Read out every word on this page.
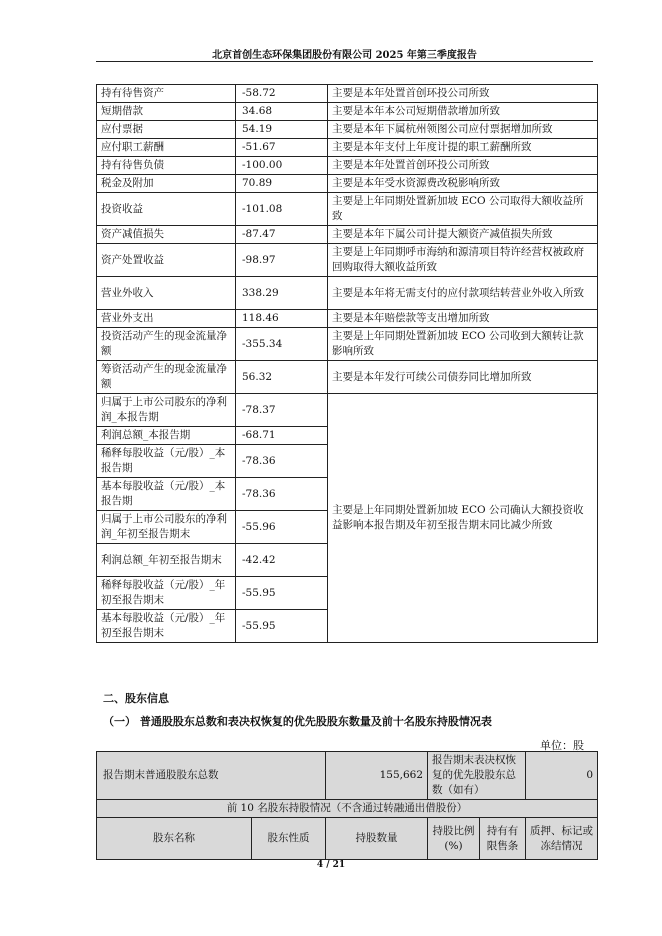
北京首创生态环保集团股份有限公司 2025 年第三季度报告
持有待售资产	-58.72	主要是本年处置首创环投公司所致
短期借款	34.68	主要是本年本公司短期借款增加所致
应付票据	54.19	主要是本年下属杭州领图公司应付票据增加所致
应付职工薪酬	-51.67	主要是本年支付上年度计提的职工薪酬所致
持有待售负债	-100.00	主要是本年处置首创环投公司所致
税金及附加	70.89	主要是本年受水资源费改税影响所致
投资收益	-101.08	主要是上年同期处置新加坡 ECO 公司取得大额收益所致
资产减值损失	-87.47	主要是本年下属公司计提大额资产减值损失所致
资产处置收益	-98.97	主要是上年同期呼市海纳和源清项目特许经营权被政府回购取得大额收益所致
营业外收入	338.29	主要是本年将无需支付的应付款项结转营业外收入所致
营业外支出	118.46	主要是本年赔偿款等支出增加所致
投资活动产生的现金流量净额	-355.34	主要是上年同期处置新加坡 ECO 公司收到大额转让款影响所致
筹资活动产生的现金流量净额	56.32	主要是本年发行可续公司债券同比增加所致
归属于上市公司股东的净利润_本报告期	-78.37	主要是上年同期处置新加坡 ECO 公司确认大额投资收益影响本报告期及年初至报告期末同比减少所致
利润总额_本报告期	-68.71	
稀释每股收益（元/股）_本报告期	-78.36	
基本每股收益（元/股）_本报告期	-78.36	
归属于上市公司股东的净利润_年初至报告期末	-55.96	
利润总额_年初至报告期末	-42.42	
稀释每股收益（元/股）_年初至报告期末	-55.95	
基本每股收益（元/股）_年初至报告期末	-55.95	
二、股东信息
（一） 普通股股东总数和表决权恢复的优先股股东数量及前十名股东持股情况表
单位：股
报告期末普通股股东总数		155,662	报告期末表决权恢复的优先股股东总数（如有）		0
前 10 名股东持股情况（不含通过转融通出借股份）					
股东名称	股东性质	持股数量	持股比例(%)	持有有限售条	质押、标记或冻结情况
4 / 21
